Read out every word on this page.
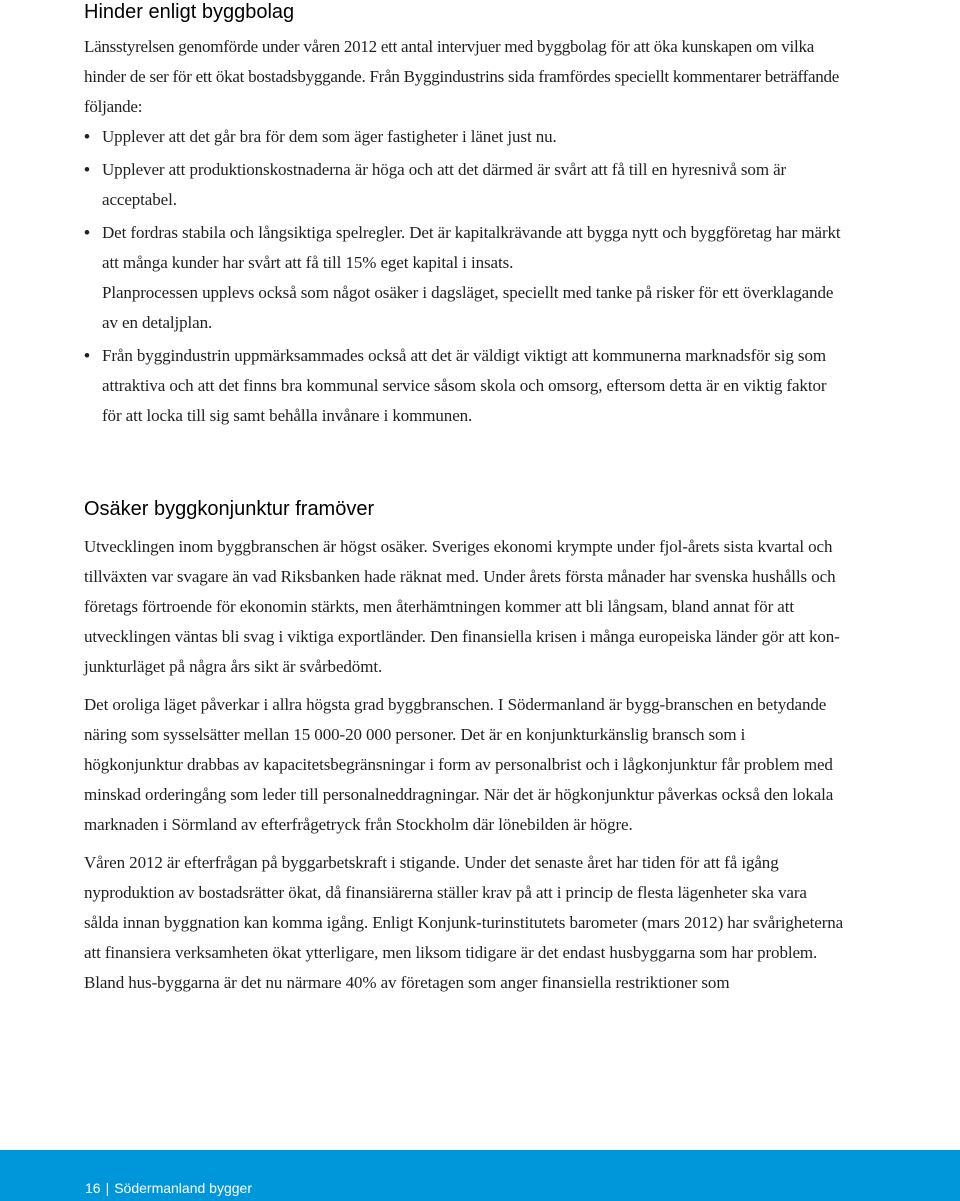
Hinder enligt byggbolag

Länsstyrelsen genomförde under våren 2012 ett antal intervjuer med byggbolag för att öka kunskapen om vilka hinder de ser för ett ökat bostadsbyggande. Från Byggindustrins sida framfördes speciellt kommentarer beträffande följande:

• Upplever att det går bra för dem som äger fastigheter i länet just nu.
• Upplever att produktionskostnaderna är höga och att det därmed är svårt att få till en hyresnivå som är acceptabel.
• Det fordras stabila och långsiktiga spelregler. Det är kapitalkrävande att bygga nytt och byggföretag har märkt att många kunder har svårt att få till 15% eget kapital i insats.
Planprocessen upplevs också som något osäker i dagsläget, speciellt med tanke på risker för ett överklagande av en detaljplan.
• Från byggindustrin uppmärksammades också att det är väldigt viktigt att kommunerna marknadsför sig som attraktiva och att det finns bra kommunal service såsom skola och omsorg, eftersom detta är en viktig faktor för att locka till sig samt behålla invånare i kommunen.
Osäker byggkonjunktur framöver

Utvecklingen inom byggbranschen är högst osäker. Sveriges ekonomi krympte under fjol-årets sista kvartal och tillväxten var svagare än vad Riksbanken hade räknat med. Under årets första månader har svenska hushålls och företags förtroende för ekonomin stärkts, men återhämtningen kommer att bli långsam, bland annat för att utvecklingen väntas bli svag i viktiga exportländer. Den finansiella krisen i många europeiska länder gör att kon-junkturläget på några års sikt är svårbedömt.

Det oroliga läget påverkar i allra högsta grad byggbranschen. I Södermanland är bygg-branschen en betydande näring som sysselsätter mellan 15 000-20 000 personer. Det är en konjunkturkänslig bransch som i högkonjunktur drabbas av kapacitetsbegränsningar i form av personalbrist och i lågkonjunktur får problem med minskad orderingång som leder till personalneddragningar. När det är högkonjunktur påverkas också den lokala marknaden i Sörmland av efterfrågetryck från Stockholm där lönebilden är högre.

Våren 2012 är efterfrågan på byggarbetskraft i stigande. Under det senaste året har tiden för att få igång nyproduktion av bostadsrätter ökat, då finansiärerna ställer krav på att i princip de flesta lägenheter ska vara sålda innan byggnation kan komma igång. Enligt Konjunk-turinstitutets barometer (mars 2012) har svårigheterna att finansiera verksamheten ökat ytterligare, men liksom tidigare är det endast husbyggarna som har problem. Bland hus-byggarna är det nu närmare 40% av företagen som anger finansiella restriktioner som

16 | Södermanland bygger
